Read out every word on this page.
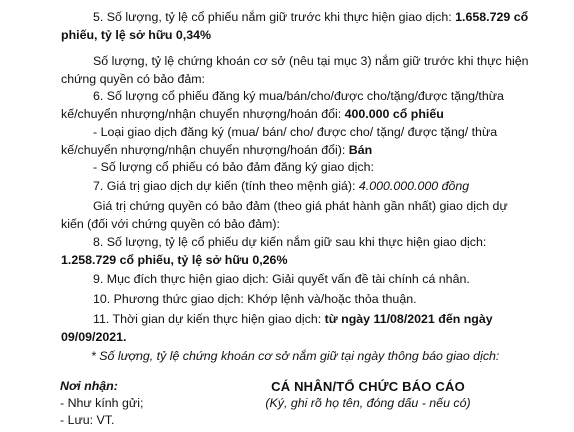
5. Số lượng, tỷ lệ cổ phiếu nắm giữ trước khi thực hiện giao dịch: 1.658.729 cổ
phiếu, tỷ lệ sở hữu 0,34%

Số lượng, tỷ lệ chứng khoán cơ sở (nêu tại mục 3) nắm giữ trước khi thực hiện
chứng quyền có bảo đảm:

6. Số lượng cổ phiếu đăng ký mua/bán/cho/được cho/tặng/được tặng/thừa
kế/chuyển nhượng/nhận chuyển nhượng/hoán đổi: 400.000 cổ phiếu

- Loại giao dịch đăng ký (mua/ bán/ cho/ được cho/ tặng/ được tặng/ thừa
kế/chuyển nhượng/nhận chuyển nhượng/hoán đổi): Bán

- Số lượng cổ phiếu có bảo đảm đăng ký giao dịch:

7. Giá trị giao dịch dự kiến (tính theo mệnh giá): 4.000.000.000 đồng

Giá trị chứng quyền có bảo đảm (theo giá phát hành gần nhất) giao dịch dự
kiến (đối với chứng quyền có bảo đảm):

8. Số lượng, tỷ lệ cổ phiếu dự kiến nắm giữ sau khi thực hiện giao dịch:
1.258.729 cổ phiếu, tỷ lệ sở hữu 0,26%

9. Mục đích thực hiện giao dịch: Giải quyết vấn đề tài chính cá nhân.

10. Phương thức giao dịch: Khớp lệnh và/hoặc thỏa thuận.

11. Thời gian dự kiến thực hiện giao dịch: từ ngày 11/08/2021 đến ngày
09/09/2021.

* Số lượng, tỷ lệ chứng khoán cơ sở nắm giữ tại ngày thông báo giao dịch:

Nơi nhận:
- Như kính gửi;
- Lưu: VT.
CÁ NHÂN/TỔ CHỨC BÁO CÁO
(Ký, ghi rõ họ tên, đóng dấu - nếu có)
